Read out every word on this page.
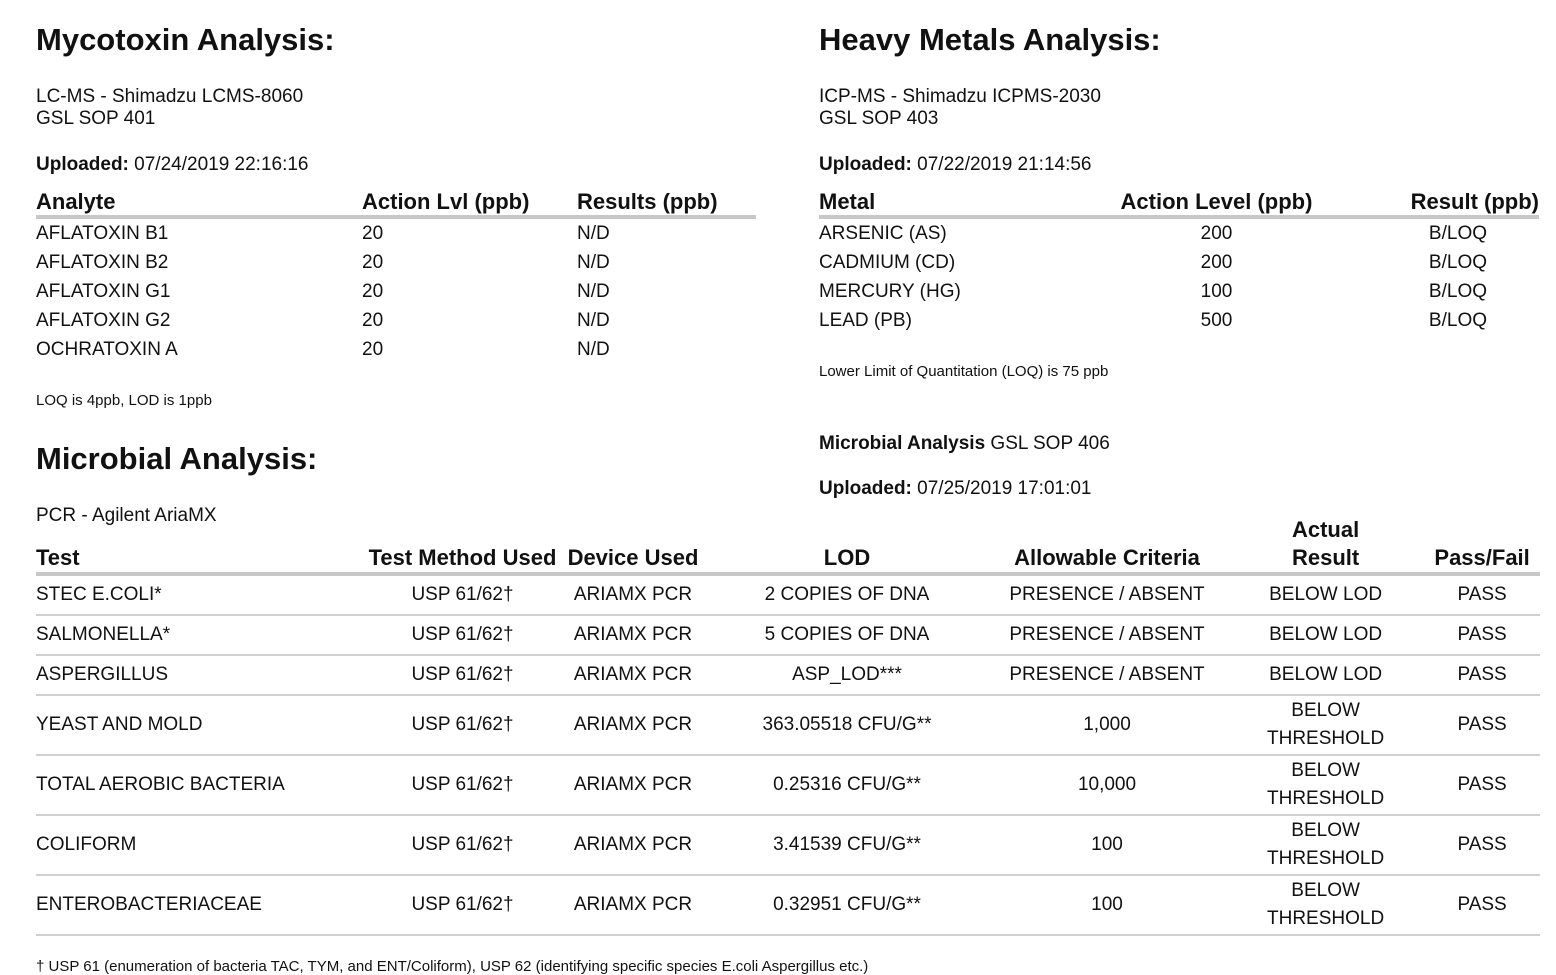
Mycotoxin Analysis:
LC-MS - Shimadzu LCMS-8060
GSL SOP 401
Uploaded: 07/24/2019 22:16:16
Analyte	Action Lvl (ppb)	Results (ppb)
AFLATOXIN B1	20	N/D
AFLATOXIN B2	20	N/D
AFLATOXIN G1	20	N/D
AFLATOXIN G2	20	N/D
OCHRATOXIN A	20	N/D
LOQ is 4ppb, LOD is 1ppb
Heavy Metals Analysis:
ICP-MS - Shimadzu ICPMS-2030
GSL SOP 403
Uploaded: 07/22/2019 21:14:56
Metal	Action Level (ppb)	Result (ppb)
ARSENIC (AS)	200	B/LOQ
CADMIUM (CD)	200	B/LOQ
MERCURY (HG)	100	B/LOQ
LEAD (PB)	500	B/LOQ
Lower Limit of Quantitation (LOQ) is 75 ppb
Microbial Analysis:	Microbial Analysis GSL SOP 406
Uploaded: 07/25/2019 17:01:01
PCR - Agilent AriaMX
Test	Test Method Used	Device Used	LOD	Allowable Criteria	Actual Result	Pass/Fail
STEC E.COLI*	USP 61/62†	ARIAMX PCR	2 COPIES OF DNA	PRESENCE / ABSENT	BELOW LOD	PASS
SALMONELLA*	USP 61/62†	ARIAMX PCR	5 COPIES OF DNA	PRESENCE / ABSENT	BELOW LOD	PASS
ASPERGILLUS	USP 61/62†	ARIAMX PCR	ASP_LOD***	PRESENCE / ABSENT	BELOW LOD	PASS
YEAST AND MOLD	USP 61/62†	ARIAMX PCR	363.05518 CFU/G**	1,000	BELOW THRESHOLD	PASS
TOTAL AEROBIC BACTERIA	USP 61/62†	ARIAMX PCR	0.25316 CFU/G**	10,000	BELOW THRESHOLD	PASS
COLIFORM	USP 61/62†	ARIAMX PCR	3.41539 CFU/G**	100	BELOW THRESHOLD	PASS
ENTEROBACTERIACEAE	USP 61/62†	ARIAMX PCR	0.32951 CFU/G**	100	BELOW THRESHOLD	PASS
† USP 61 (enumeration of bacteria TAC, TYM, and ENT/Coliform), USP 62 (identifying specific species E.coli Aspergillus etc.)
